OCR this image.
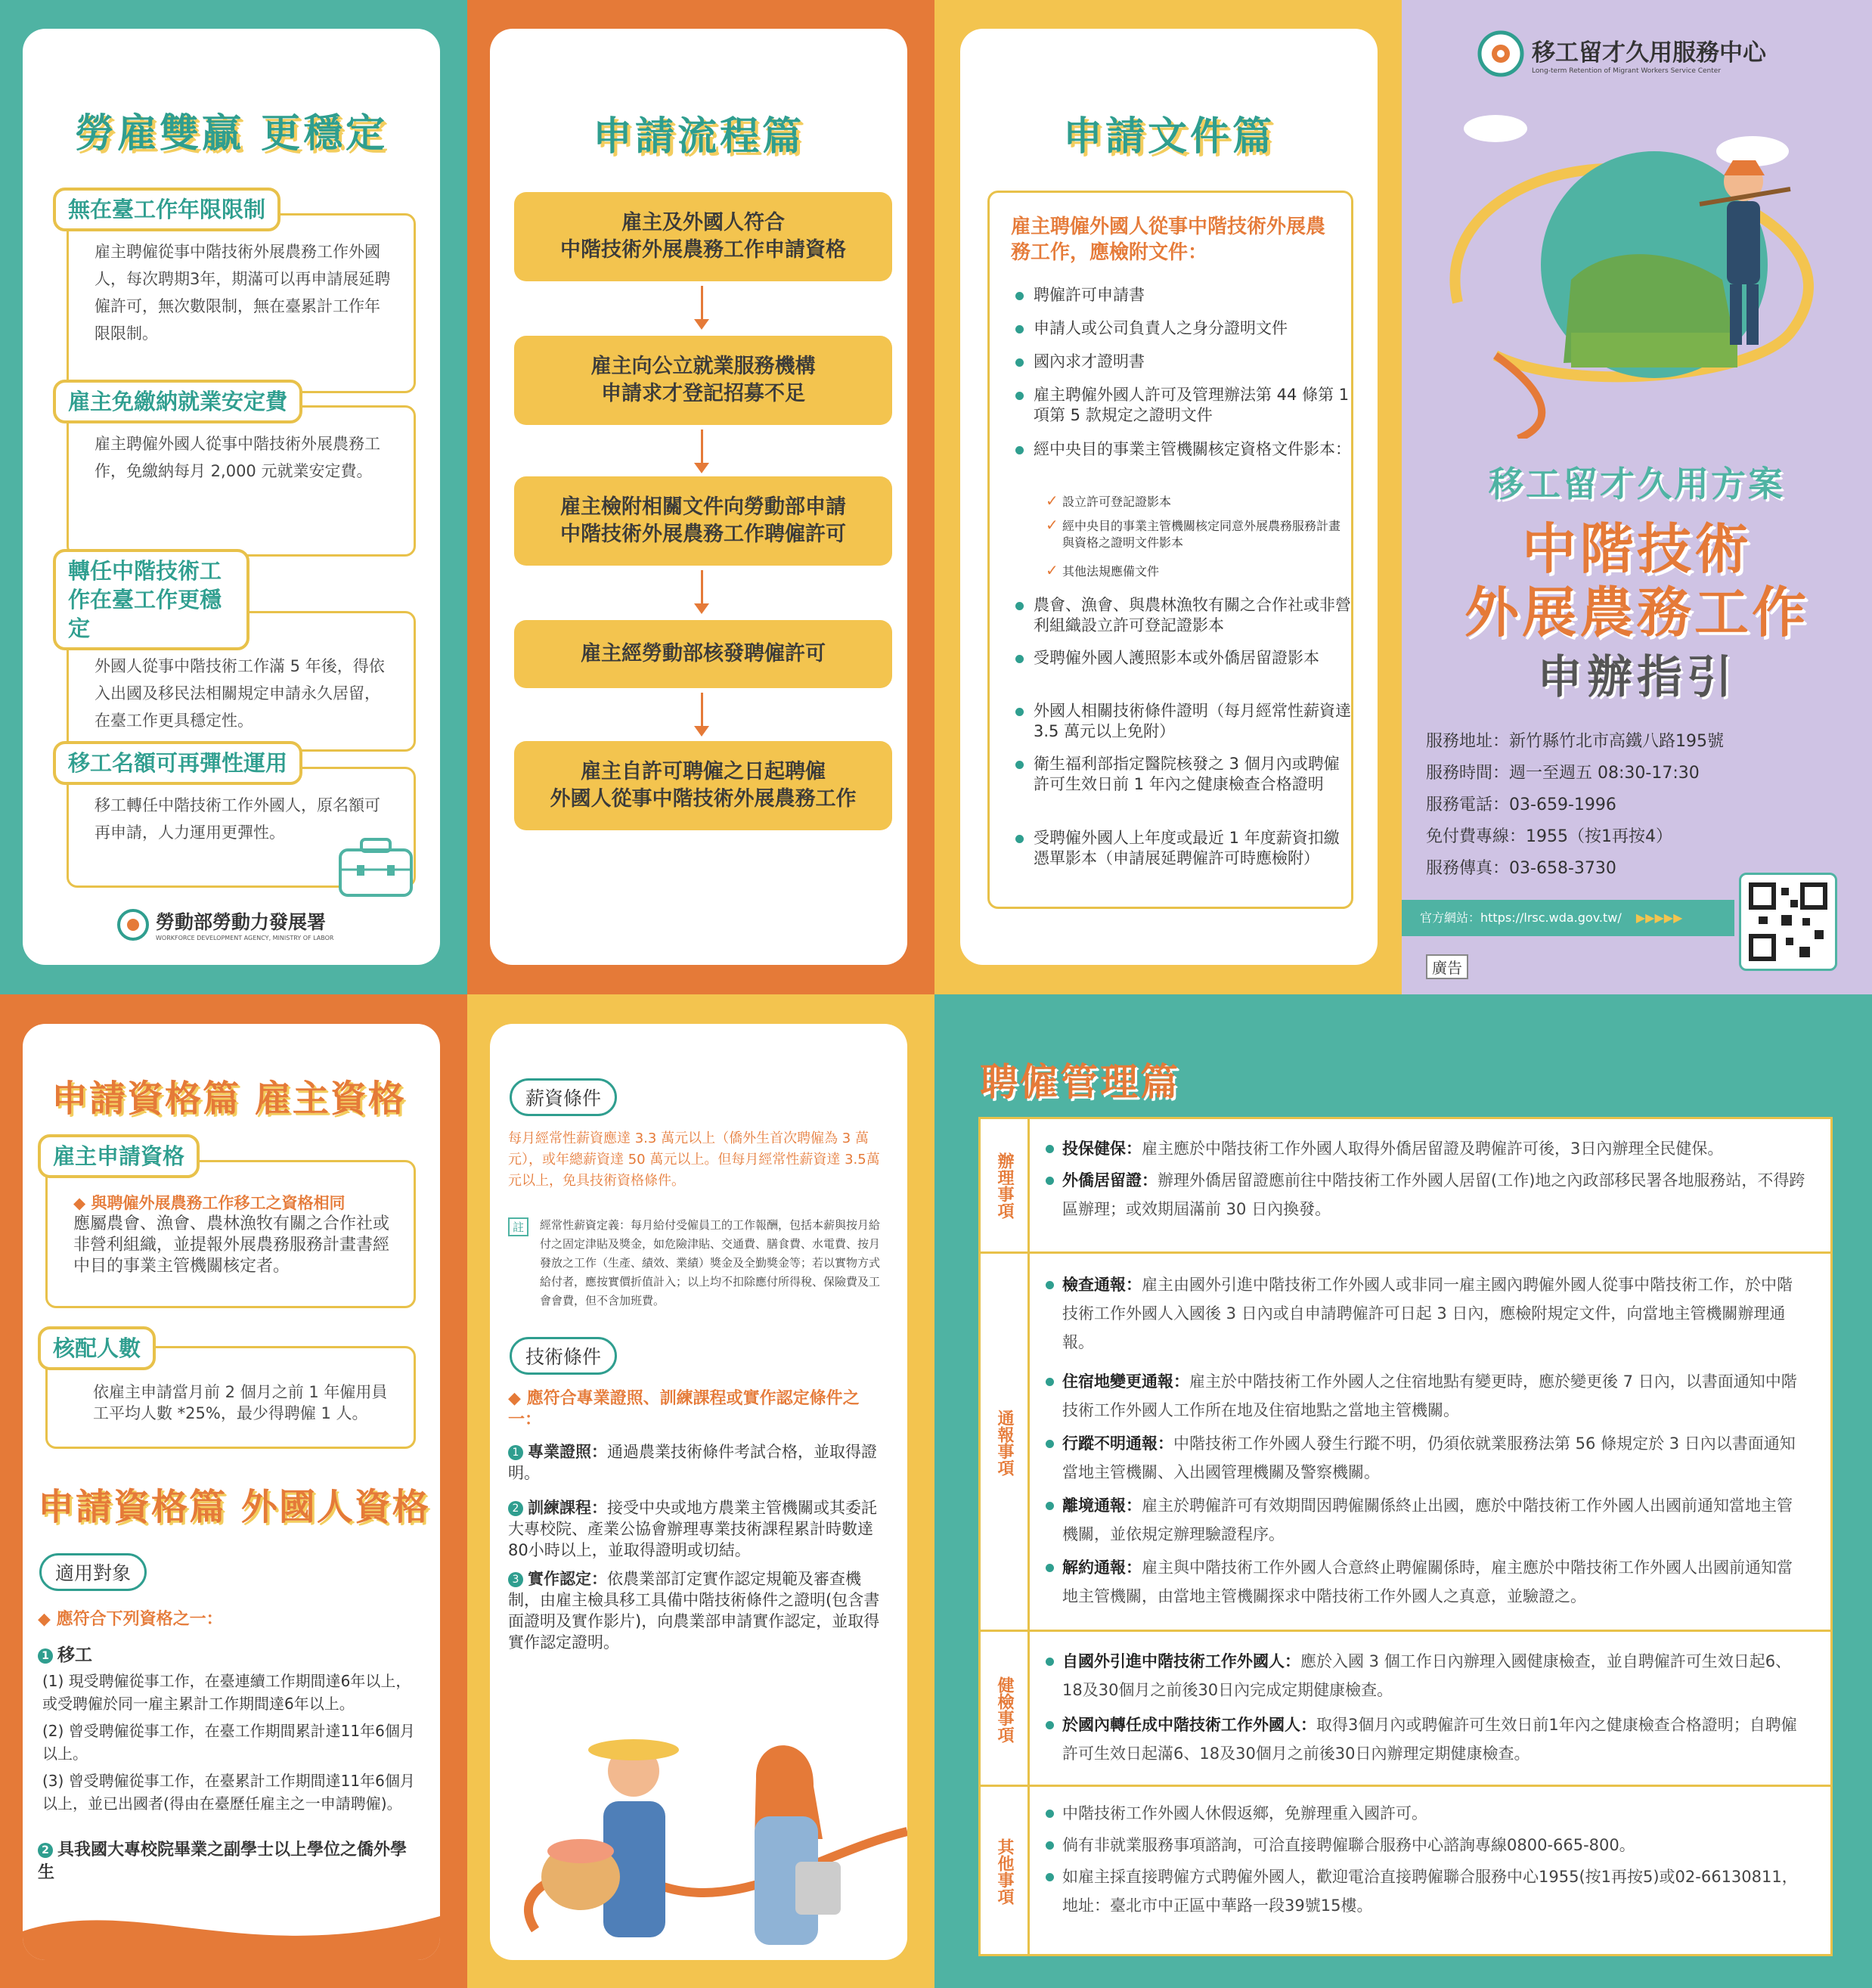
勞雇雙贏 更穩定
雇主聘僱從事中階技術外展農務工作外國人，每次聘期3年，期滿可以再申請展延聘僱許可，無次數限制，無在臺累計工作年限限制。
無在臺工作年限限制
雇主聘僱外國人從事中階技術外展農務工作，免繳納每月 2,000 元就業安定費。
雇主免繳納就業安定費
外國人從事中階技術工作滿 5 年後，得依入出國及移民法相關規定申請永久居留，在臺工作更具穩定性。
轉任中階技術工作在臺工作更穩定
移工轉任中階技術工作外國人，原名額可再申請，人力運用更彈性。
移工名額可再彈性運用
勞動部勞動力發展署
WORKFORCE DEVELOPMENT AGENCY, MINISTRY OF LABOR
申請流程篇
雇主及外國人符合
中階技術外展農務工作申請資格
雇主向公立就業服務機構
申請求才登記招募不足
雇主檢附相關文件向勞動部申請
中階技術外展農務工作聘僱許可
雇主經勞動部核發聘僱許可
雇主自許可聘僱之日起聘僱
外國人從事中階技術外展農務工作
申請文件篇
雇主聘僱外國人從事中階技術外展農務工作，應檢附文件：
聘僱許可申請書
申請人或公司負責人之身分證明文件
國內求才證明書
雇主聘僱外國人許可及管理辦法第 44 條第 1 項第 5 款規定之證明文件
經中央目的事業主管機關核定資格文件影本：
✓ 設立許可登記證影本
✓ 經中央目的事業主管機關核定同意外展農務服務計畫與資格之證明文件影本
✓ 其他法規應備文件
農會、漁會、與農林漁牧有關之合作社或非營利組織設立許可登記證影本
受聘僱外國人護照影本或外僑居留證影本
外國人相關技術條件證明（每月經常性薪資達 3.5 萬元以上免附）
衛生福利部指定醫院核發之 3 個月內或聘僱許可生效日前 1 年內之健康檢查合格證明
受聘僱外國人上年度或最近 1 年度薪資扣繳憑單影本（申請展延聘僱許可時應檢附）
移工留才久用服務中心
Long-term Retention of Migrant Workers Service Center
移工留才久用方案
中階技術
外展農務工作
申辦指引
服務地址：新竹縣竹北市高鐵八路195號
服務時間：週一至週五 08:30-17:30
服務電話：03-659-1996
免付費專線：1955（按1再按4）
服務傳真：03-658-3730
官方網站：https://lrsc.wda.gov.tw/ ▶▶▶▶▶
廣告
申請資格篇 雇主資格
◆ 與聘僱外展農務工作移工之資格相同
應屬農會、漁會、農林漁牧有關之合作社或非營利組織，並提報外展農務服務計畫書經中目的事業主管機關核定者。
雇主申請資格
依雇主申請當月前 2 個月之前 1 年僱用員工平均人數 *25%，最少得聘僱 1 人。
核配人數
申請資格篇 外國人資格
適用對象
◆ 應符合下列資格之一：
1 移工
(1) 現受聘僱從事工作，在臺連續工作期間達6年以上，或受聘僱於同一雇主累計工作期間達6年以上。
(2) 曾受聘僱從事工作，在臺工作期間累計達11年6個月以上。
(3) 曾受聘僱從事工作，在臺累計工作期間達11年6個月以上，並已出國者(得由在臺歷任雇主之一申請聘僱)。
2 具我國大專校院畢業之副學士以上學位之僑外學生
薪資條件
每月經常性薪資應達 3.3 萬元以上（僑外生首次聘僱為 3 萬元），或年總薪資達 50 萬元以上。但每月經常性薪資達 3.5萬元以上，免具技術資格條件。
註	經常性薪資定義：每月給付受僱員工的工作報酬，包括本薪與按月給付之固定津貼及獎金，如危險津貼、交通費、膳食費、水電費、按月發放之工作（生產、績效、業績）獎金及全勤獎金等；若以實物方式給付者，應按實價折值計入；以上均不扣除應付所得稅、保險費及工會會費，但不含加班費。
技術條件
◆ 應符合專業證照、訓練課程或實作認定條件之一：
1 專業證照：通過農業技術條件考試合格，並取得證明。
2 訓練課程：接受中央或地方農業主管機關或其委託大專校院、產業公協會辦理專業技術課程累計時數達80小時以上，並取得證明或切結。
3 實作認定：依農業部訂定實作認定規範及審查機制，由雇主檢具移工具備中階技術條件之證明(包含書面證明及實作影片)，向農業部申請實作認定，並取得實作認定證明。
聘僱管理篇
辦理事項
投保健保：雇主應於中階技術工作外國人取得外僑居留證及聘僱許可後，3日內辦理全民健保。
外僑居留證：辦理外僑居留證應前往中階技術工作外國人居留(工作)地之內政部移民署各地服務站，不得跨區辦理；或效期屆滿前 30 日內換發。
通報事項
檢查通報：雇主由國外引進中階技術工作外國人或非同一雇主國內聘僱外國人從事中階技術工作，於中階技術工作外國人入國後 3 日內或自申請聘僱許可日起 3 日內，應檢附規定文件，向當地主管機關辦理通報。
住宿地變更通報：雇主於中階技術工作外國人之住宿地點有變更時，應於變更後 7 日內，以書面通知中階技術工作外國人工作所在地及住宿地點之當地主管機關。
行蹤不明通報：中階技術工作外國人發生行蹤不明，仍須依就業服務法第 56 條規定於 3 日內以書面通知當地主管機關、入出國管理機關及警察機關。
離境通報：雇主於聘僱許可有效期間因聘僱關係終止出國，應於中階技術工作外國人出國前通知當地主管機關，並依規定辦理驗證程序。
解約通報：雇主與中階技術工作外國人合意終止聘僱關係時，雇主應於中階技術工作外國人出國前通知當地主管機關，由當地主管機關探求中階技術工作外國人之真意，並驗證之。
健檢事項
自國外引進中階技術工作外國人：應於入國 3 個工作日內辦理入國健康檢查，並自聘僱許可生效日起6、18及30個月之前後30日內完成定期健康檢查。
於國內轉任成中階技術工作外國人：取得3個月內或聘僱許可生效日前1年內之健康檢查合格證明；自聘僱許可生效日起滿6、18及30個月之前後30日內辦理定期健康檢查。
其他事項
中階技術工作外國人休假返鄉，免辦理重入國許可。
倘有非就業服務事項諮詢，可洽直接聘僱聯合服務中心諮詢專線0800-665-800。
如雇主採直接聘僱方式聘僱外國人，歡迎電洽直接聘僱聯合服務中心1955(按1再按5)或02-66130811，地址：臺北市中正區中華路一段39號15樓。
